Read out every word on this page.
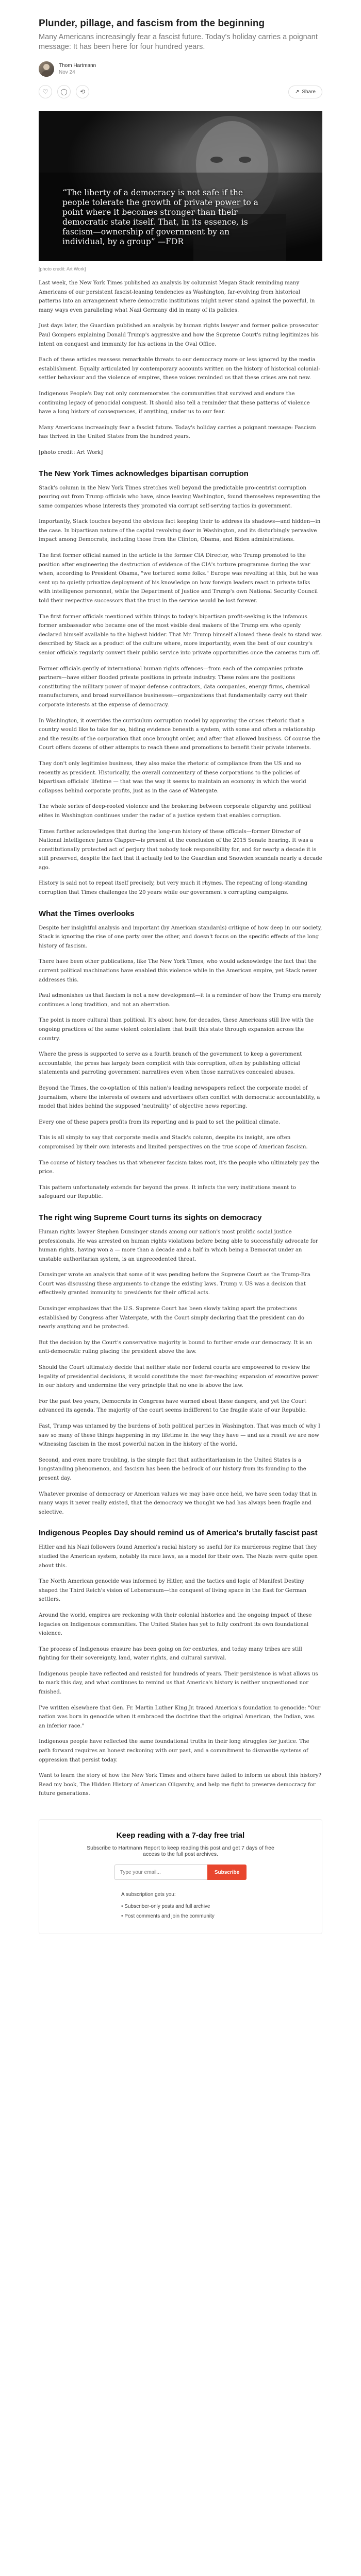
Plunder, pillage, and fascism from the beginning
Many Americans increasingly fear a fascist future. Today's holiday carries a poignant message: It has been here for four hundred years.
Thom Hartmann
Nov 24
♡	◯	⟲	↗ Share
“The liberty of a democracy is not safe if the people tolerate the growth of private power to a point where it becomes stronger than their democratic state itself. That, in its essence, is fascism—ownership of government by an individual, by a group” —FDR
[photo credit: Art Work]

Last week, the New York Times published an analysis by columnist Megan Stack reminding many Americans of our persistent fascist-leaning tendencies as Washington, far-evolving from historical patterns into an arrangement where democratic institutions might never stand against the powerful, in many ways even paralleling what Nazi Germany did in many of its policies.

Just days later, the Guardian published an analysis by human rights lawyer and former police prosecutor Paul Gompers explaining Donald Trump's aggressive and how the Supreme Court's ruling legitimizes his intent on conquest and immunity for his actions in the Oval Office.

Each of these articles reassess remarkable threats to our democracy more or less ignored by the media establishment. Equally articulated by contemporary accounts written on the history of historical colonial-settler behaviour and the violence of empires, these voices reminded us that these crises are not new.

Indigenous People's Day not only commemorates the communities that survived and endure the continuing legacy of genocidal conquest. It should also tell a reminder that these patterns of violence have a long history of consequences, if anything, under us to our fear.

Many Americans increasingly fear a fascist future. Today's holiday carries a poignant message: Fascism has thrived in the United States from the hundred years.

[photo credit: Art Work]

The New York Times acknowledges bipartisan corruption

Stack's column in the New York Times stretches well beyond the predictable pro-centrist corruption pouring out from Trump officials who have, since leaving Washington, found themselves representing the same companies whose interests they promoted via corrupt self-serving tactics in government.

Importantly, Stack touches beyond the obvious fact keeping their to address its shadows—and hidden—in the case. In bipartisan nature of the capital revolving door in Washington, and its disturbingly pervasive impact among Democrats, including those from the Clinton, Obama, and Biden administrations.

The first former official named in the article is the former CIA Director, who Trump promoted to the position after engineering the destruction of evidence of the CIA's torture programme during the war when, according to President Obama, "we tortured some folks." Europe was revolting at this, but he was sent up to quietly privatize deployment of his knowledge on how foreign leaders react in private talks with intelligence personnel, while the Department of Justice and Trump's own National Security Council told their respective successors that the trust in the service would be lost forever.

The first former officials mentioned within things to today's bipartisan profit-seeking is the infamous former ambassador who became one of the most visible deal makers of the Trump era who openly declared himself available to the highest bidder. That Mr. Trump himself allowed these deals to stand was described by Stack as a product of the culture where, more importantly, even the best of our country's senior officials regularly convert their public service into private opportunities once the cameras turn off.

Former officials gently of international human rights offences—from each of the companies private partners—have either flooded private positions in private industry. These roles are the positions constituting the military power of major defense contractors, data companies, energy firms, chemical manufacturers, and broad surveillance businesses—organizations that fundamentally carry out their corporate interests at the expense of democracy.

In Washington, it overrides the curriculum corruption model by approving the crises rhetoric that a country would like to take for so, hiding evidence beneath a system, with some and often a relationship and the results of the corporation that once brought order, and after that allowed business. Of course the Court offers dozens of other attempts to reach these and promotions to benefit their private interests.

They don't only legitimise business, they also make the rhetoric of compliance from the US and so recently as president. Historically, the overall commentary of these corporations to the policies of bipartisan officials' lifetime — that was the way it seems to maintain an economy in which the world collapses behind corporate profits, just as in the case of Watergate.

The whole series of deep-rooted violence and the brokering between corporate oligarchy and political elites in Washington continues under the radar of a justice system that enables corruption.

Times further acknowledges that during the long-run history of these officials—former Director of National Intelligence James Clapper—is present at the conclusion of the 2015 Senate hearing. It was a constitutionally protected act of perjury that nobody took responsibility for, and for nearly a decade it is still preserved, despite the fact that it actually led to the Guardian and Snowden scandals nearly a decade ago.

History is said not to repeat itself precisely, but very much it rhymes. The repeating of long-standing corruption that Times challenges the 20 years while our government's corrupting campaigns.

What the Times overlooks

Despite her insightful analysis and important (by American standards) critique of how deep in our society, Stack is ignoring the rise of one party over the other, and doesn't focus on the specific effects of the long history of fascism.

There have been other publications, like The New York Times, who would acknowledge the fact that the current political machinations have enabled this violence while in the American empire, yet Stack never addresses this.

Paul admonishes us that fascism is not a new development—it is a reminder of how the Trump era merely continues a long tradition, and not an aberration.

The point is more cultural than political. It's about how, for decades, these Americans still live with the ongoing practices of the same violent colonialism that built this state through expansion across the country.

Where the press is supported to serve as a fourth branch of the government to keep a government accountable, the press has largely been complicit with this corruption, often by publishing official statements and parroting government narratives even when those narratives concealed abuses.

Beyond the Times, the co-optation of this nation's leading newspapers reflect the corporate model of journalism, where the interests of owners and advertisers often conflict with democratic accountability, a model that hides behind the supposed 'neutrality' of objective news reporting.

Every one of these papers profits from its reporting and is paid to set the political climate.

This is all simply to say that corporate media and Stack's column, despite its insight, are often compromised by their own interests and limited perspectives on the true scope of American fascism.

The course of history teaches us that whenever fascism takes root, it's the people who ultimately pay the price.

This pattern unfortunately extends far beyond the press. It infects the very institutions meant to safeguard our Republic.

The right wing Supreme Court turns its sights on democracy

Human rights lawyer Stephen Dunsinger stands among our nation's most prolific social justice professionals. He was arrested on human rights violations before being able to successfully advocate for human rights, having won a — more than a decade and a half in which being a Democrat under an unstable authoritarian system, is an unprecedented threat.

Dunsinger wrote an analysis that some of it was pending before the Supreme Court as the Trump-Era Court was discussing these arguments to change the existing laws. Trump v. US was a decision that effectively granted immunity to presidents for their official acts.

Dunsinger emphasizes that the U.S. Supreme Court has been slowly taking apart the protections established by Congress after Watergate, with the Court simply declaring that the president can do nearly anything and be protected.

But the decision by the Court's conservative majority is bound to further erode our democracy. It is an anti-democratic ruling placing the president above the law.

Should the Court ultimately decide that neither state nor federal courts are empowered to review the legality of presidential decisions, it would constitute the most far-reaching expansion of executive power in our history and undermine the very principle that no one is above the law.

For the past two years, Democrats in Congress have warned about these dangers, and yet the Court advanced its agenda. The majority of the court seems indifferent to the fragile state of our Republic.

Fast, Trump was untamed by the burdens of both political parties in Washington. That was much of why I saw so many of these things happening in my lifetime in the way they have — and as a result we are now witnessing fascism in the most powerful nation in the history of the world.

Second, and even more troubling, is the simple fact that authoritarianism in the United States is a longstanding phenomenon, and fascism has been the bedrock of our history from its founding to the present day.

Whatever promise of democracy or American values we may have once held, we have seen today that in many ways it never really existed, that the democracy we thought we had has always been fragile and selective.

Indigenous Peoples Day should remind us of America's brutally fascist past

Hitler and his Nazi followers found America's racial history so useful for its murderous regime that they studied the American system, notably its race laws, as a model for their own. The Nazis were quite open about this.

The North American genocide was informed by Hitler, and the tactics and logic of Manifest Destiny shaped the Third Reich's vision of Lebensraum—the conquest of living space in the East for German settlers.

Around the world, empires are reckoning with their colonial histories and the ongoing impact of these legacies on Indigenous communities. The United States has yet to fully confront its own foundational violence.

The process of Indigenous erasure has been going on for centuries, and today many tribes are still fighting for their sovereignty, land, water rights, and cultural survival.

Indigenous people have reflected and resisted for hundreds of years. Their persistence is what allows us to mark this day, and what continues to remind us that America's history is neither unquestioned nor finished.

I've written elsewhere that Gen. Fr. Martin Luther King Jr. traced America's foundation to genocide: "Our nation was born in genocide when it embraced the doctrine that the original American, the Indian, was an inferior race."

Indigenous people have reflected the same foundational truths in their long struggles for justice. The path forward requires an honest reckoning with our past, and a commitment to dismantle systems of oppression that persist today.

Want to learn the story of how the New York Times and others have failed to inform us about this history? Read my book, The Hidden History of American Oligarchy, and help me fight to preserve democracy for future generations.

Keep reading with a 7-day free trial
Subscribe to Hartmann Report to keep reading this post and get 7 days of free access to the full post archives.
Type your email...
Subscribe

A subscription gets you:

• Subscriber-only posts and full archive
• Post comments and join the community
